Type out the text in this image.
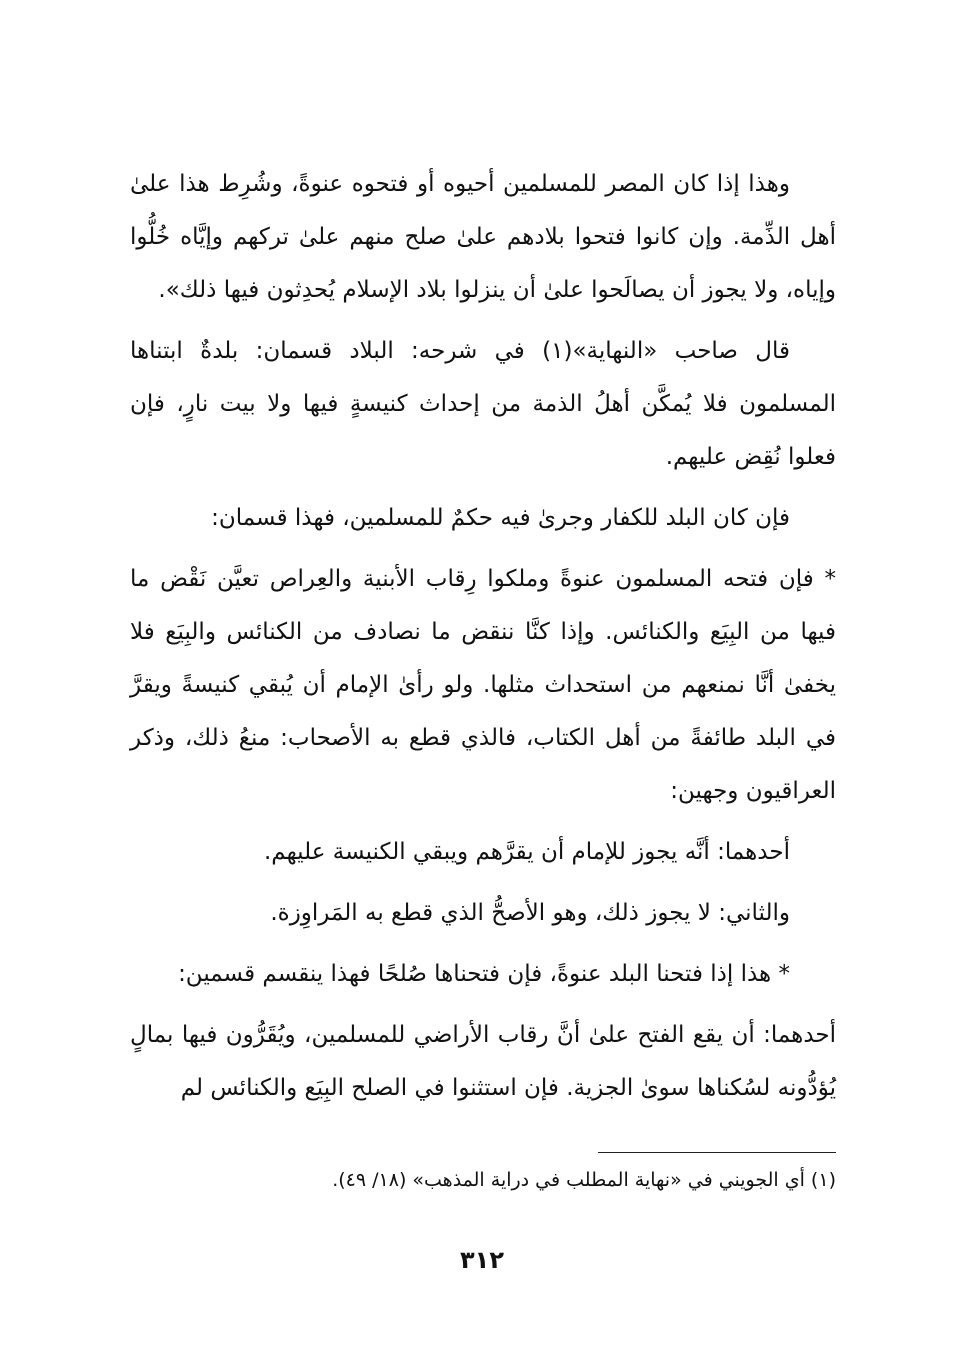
وهذا إذا كان المصر للمسلمين أحيوه أو فتحوه عنوةً، وشُرِط هذا علىٰ أهل الذِّمة. وإن كانوا فتحوا بلادهم علىٰ صلح منهم علىٰ تركهم وإيَّاه خُلُّوا وإياه، ولا يجوز أن يصالَحوا علىٰ أن ينزلوا بلاد الإسلام يُحدِثون فيها ذلك».

قال صاحب «النهاية»(١) في شرحه: البلاد قسمان: بلدةٌ ابتناها المسلمون فلا يُمكَّن أهلُ الذمة من إحداث كنيسةٍ فيها ولا بيت نارٍ، فإن فعلوا نُقِض عليهم.

فإن كان البلد للكفار وجرىٰ فيه حكمٌ للمسلمين، فهذا قسمان:

* فإن فتحه المسلمون عنوةً وملكوا رِقاب الأبنية والعِراص تعيَّن نَقْض ما فيها من البِيَع والكنائس. وإذا كنَّا ننقض ما نصادف من الكنائس والبِيَع فلا يخفىٰ أنَّا نمنعهم من استحداث مثلها. ولو رأىٰ الإمام أن يُبقي كنيسةً ويقرَّ في البلد طائفةً من أهل الكتاب، فالذي قطع به الأصحاب: منعُ ذلك، وذكر العراقيون وجهين:

أحدهما: أنَّه يجوز للإمام أن يقرَّهم ويبقي الكنيسة عليهم.

والثاني: لا يجوز ذلك، وهو الأصحُّ الذي قطع به المَراوِزة.

* هذا إذا فتحنا البلد عنوةً، فإن فتحناها صُلحًا فهذا ينقسم قسمين:

أحدهما: أن يقع الفتح علىٰ أنَّ رقاب الأراضي للمسلمين، ويُقَرُّون فيها بمالٍ يُؤدُّونه لسُكناها سوىٰ الجزية. فإن استثنوا في الصلح البِيَع والكنائس لم

(١) أي الجويني في «نهاية المطلب في دراية المذهب» (١٨/ ٤٩).

٣١٢
